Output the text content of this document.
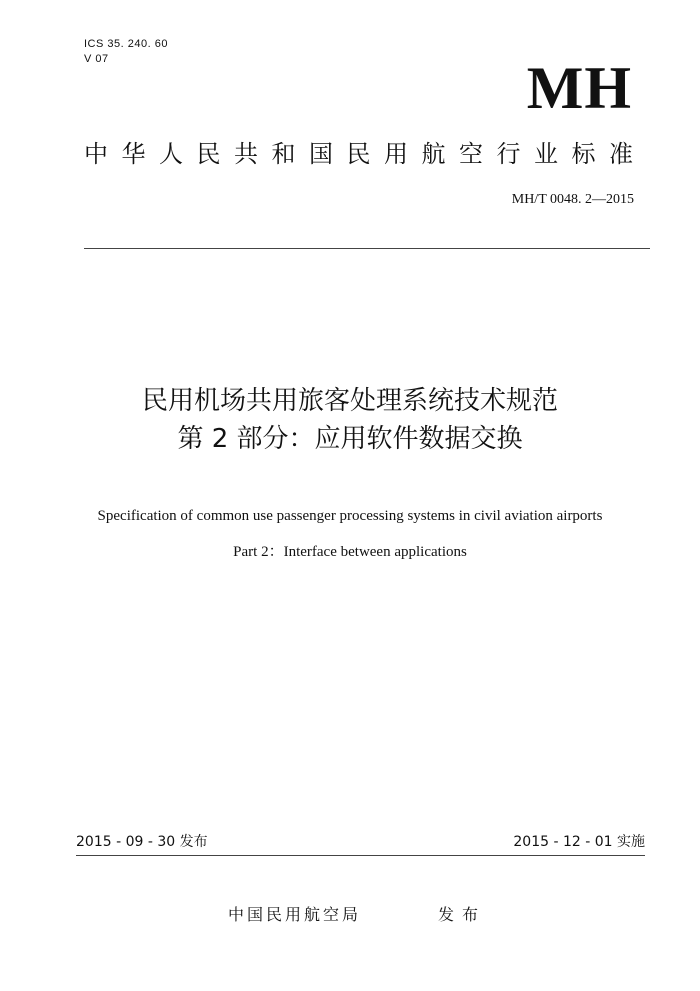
ICS 35. 240. 60
V 07	MH
中华人民共和国民用航空行业标准
MH/T 0048. 2—2015
民用机场共用旅客处理系统技术规范
第 2 部分：应用软件数据交换
Specification of common use passenger processing systems in civil aviation airports
Part 2：Interface between applications
2015 - 09 - 30 发布	2015 - 12 - 01 实施
中国民用航空局	发布
